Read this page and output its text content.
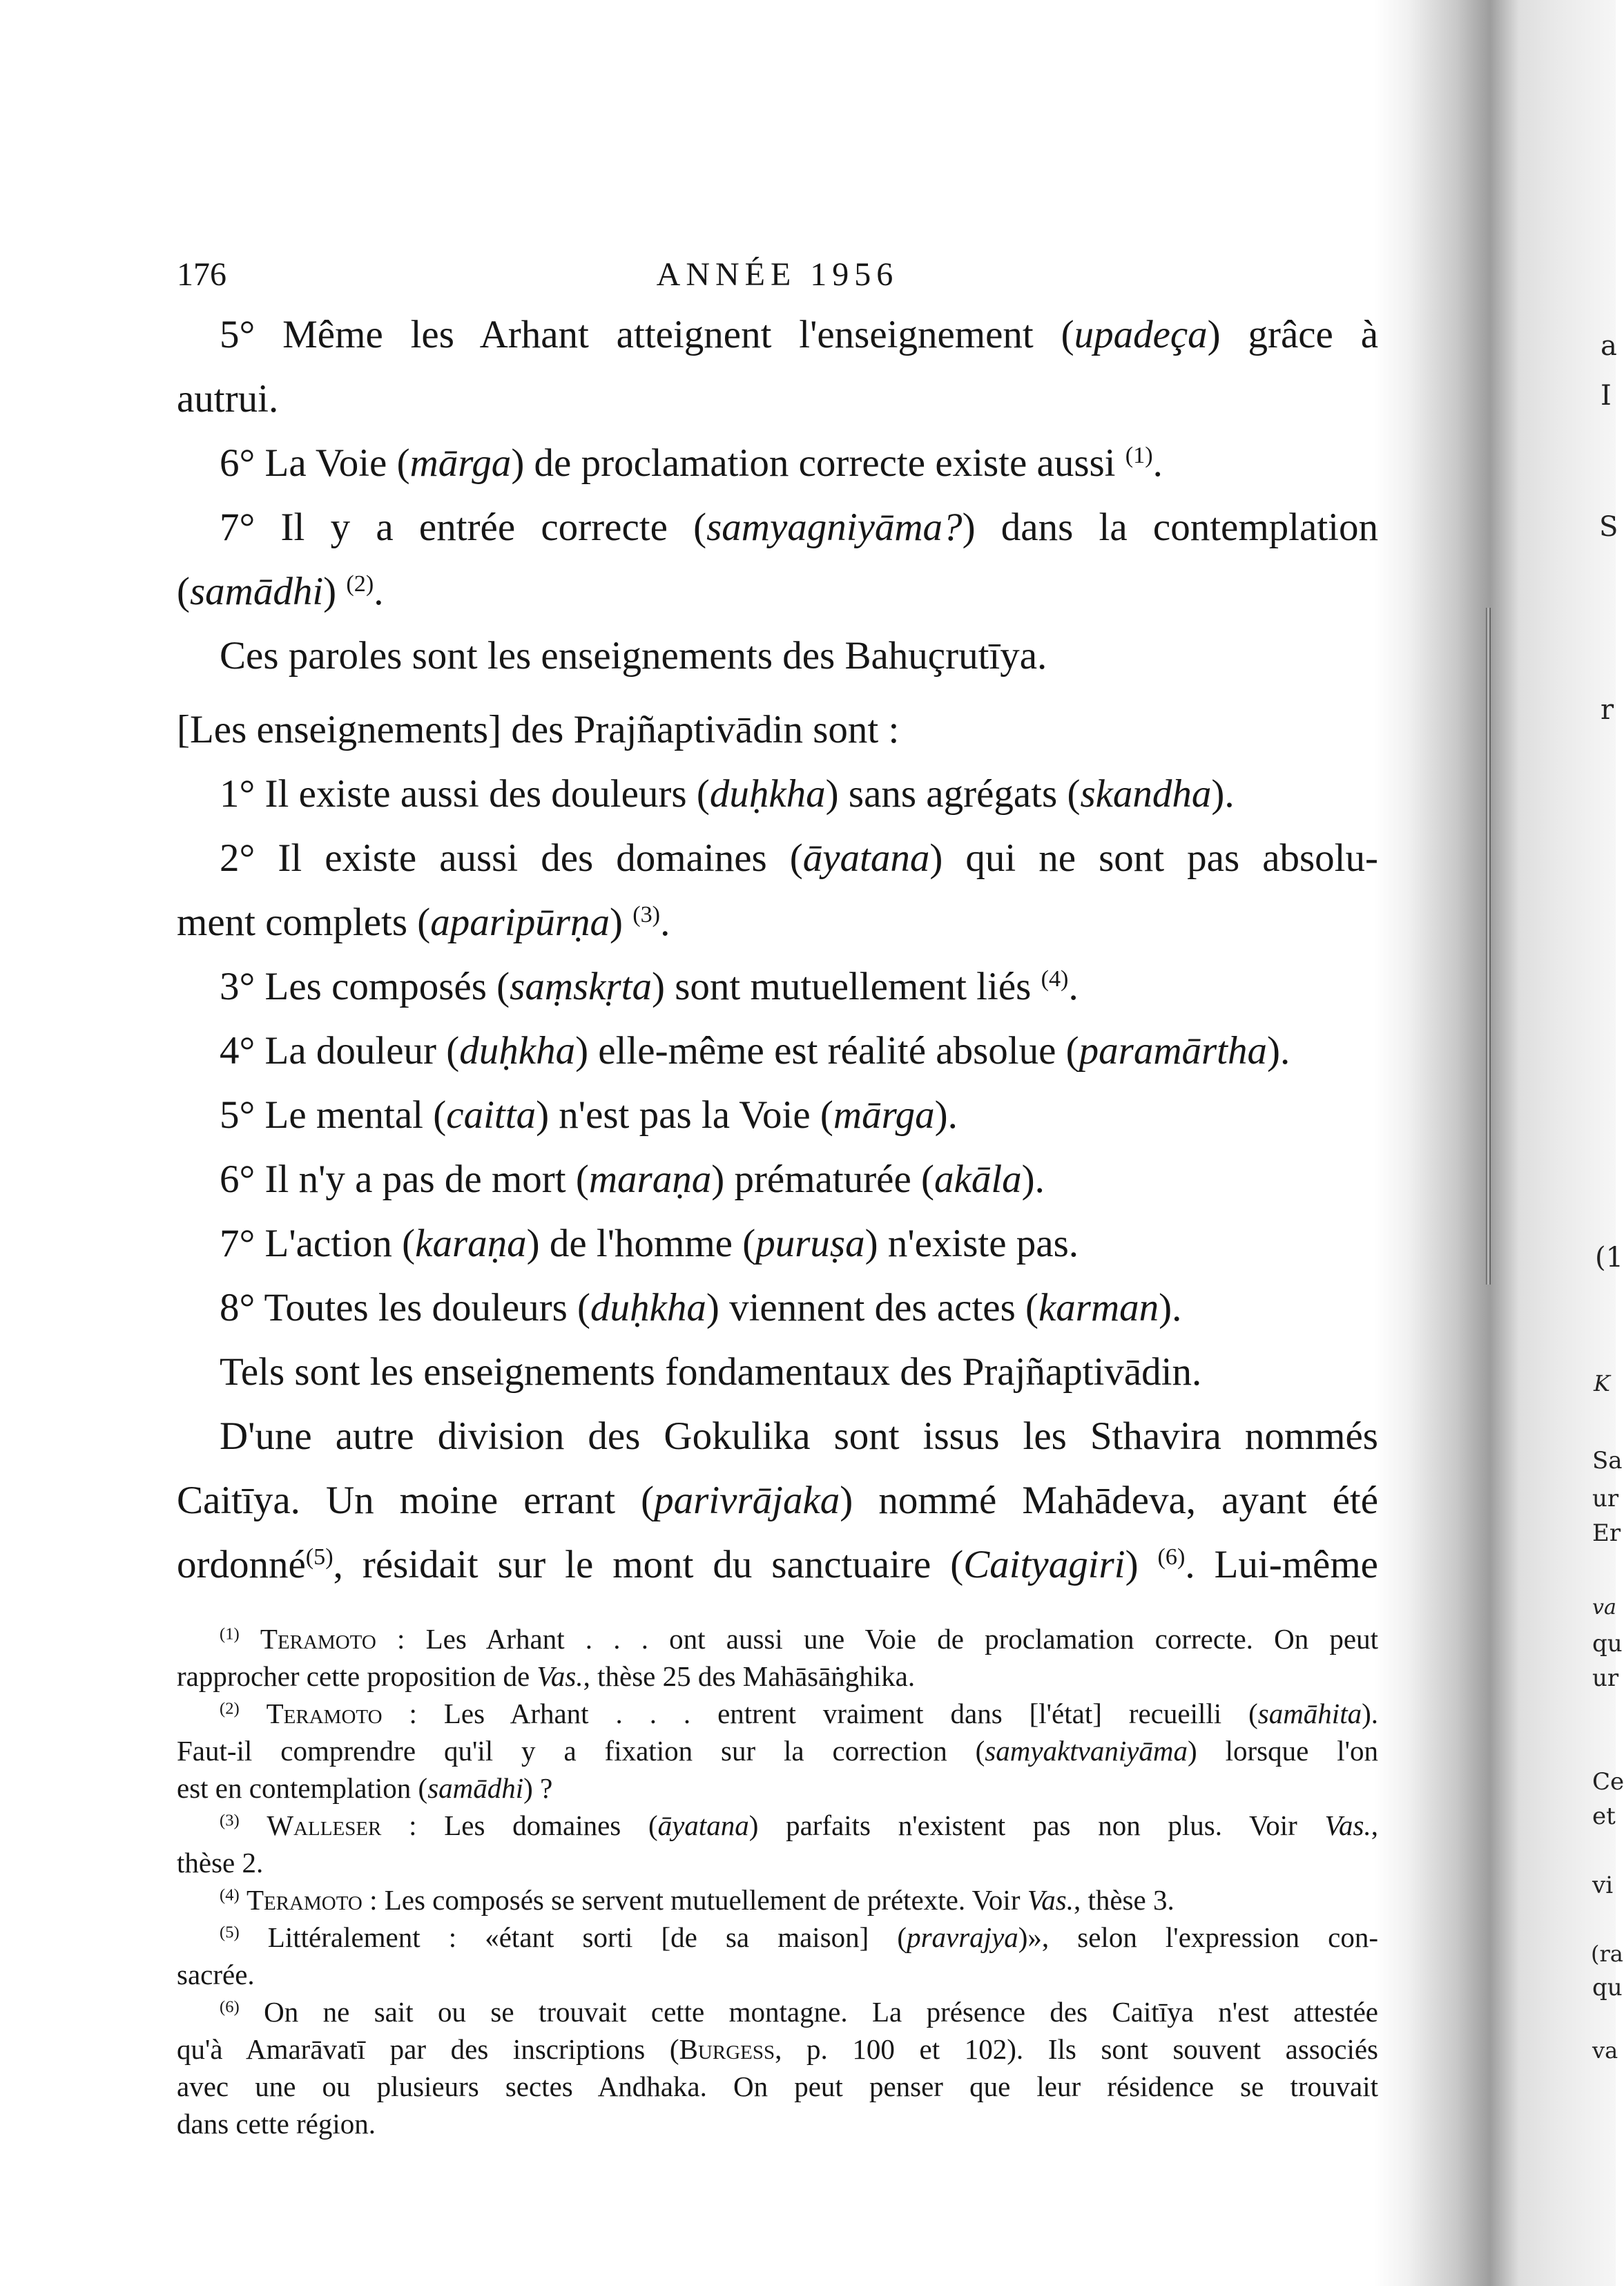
a
I
S
r
(1
K
Sa
ur
Er
va
qu
ur
Ce
et
vi
(ra
qu
va
176	ANNÉE 1956
5° Même les Arhant atteignent l'enseignement (upadeça) grâce à
autrui.
6° La Voie (mārga) de proclamation correcte existe aussi $^{(1)}$.
7° Il y a entrée correcte (samyagniyāma?) dans la contemplation
(samādhi) $^{(2)}$.
Ces paroles sont les enseignements des Bahuçrutīya.
[Les enseignements] des Prajñaptivādin sont :
1° Il existe aussi des douleurs (duḥkha) sans agrégats (skandha).
2° Il existe aussi des domaines (āyatana) qui ne sont pas absolu-
ment complets (aparipūrṇa) $^{(3)}$.
3° Les composés (saṃskṛta) sont mutuellement liés $^{(4)}$.
4° La douleur (duḥkha) elle-même est réalité absolue (paramārtha).
5° Le mental (caitta) n'est pas la Voie (mārga).
6° Il n'y a pas de mort (maraṇa) prématurée (akāla).
7° L'action (karaṇa) de l'homme (puruṣa) n'existe pas.
8° Toutes les douleurs (duḥkha) viennent des actes (karman).
Tels sont les enseignements fondamentaux des Prajñaptivādin.
D'une autre division des Gokulika sont issus les Sthavira nommés
Caitīya. Un moine errant (parivrājaka) nommé Mahādeva, ayant été
ordonné$^{(5)}$, résidait sur le mont du sanctuaire (Caityagiri) $^{(6)}$. Lui-même
$^{(1)}$ Teramoto : Les Arhant . . . ont aussi une Voie de proclamation correcte. On peut
rapprocher cette proposition de Vas., thèse 25 des Mahāsāṅghika.
$^{(2)}$ Teramoto : Les Arhant . . . entrent vraiment dans [l'état] recueilli (samāhita).
Faut-il comprendre qu'il y a fixation sur la correction (samyaktvaniyāma) lorsque l'on
est en contemplation (samādhi) ?
$^{(3)}$ Walleser : Les domaines (āyatana) parfaits n'existent pas non plus. Voir Vas.,
thèse 2.
$^{(4)}$ Teramoto : Les composés se servent mutuellement de prétexte. Voir Vas., thèse 3.
$^{(5)}$ Littéralement : «étant sorti [de sa maison] (pravrajya)», selon l'expression con-
sacrée.
$^{(6)}$ On ne sait ou se trouvait cette montagne. La présence des Caitīya n'est attestée
qu'à Amarāvatī par des inscriptions (Burgess, p. 100 et 102). Ils sont souvent associés
avec une ou plusieurs sectes Andhaka. On peut penser que leur résidence se trouvait
dans cette région.
